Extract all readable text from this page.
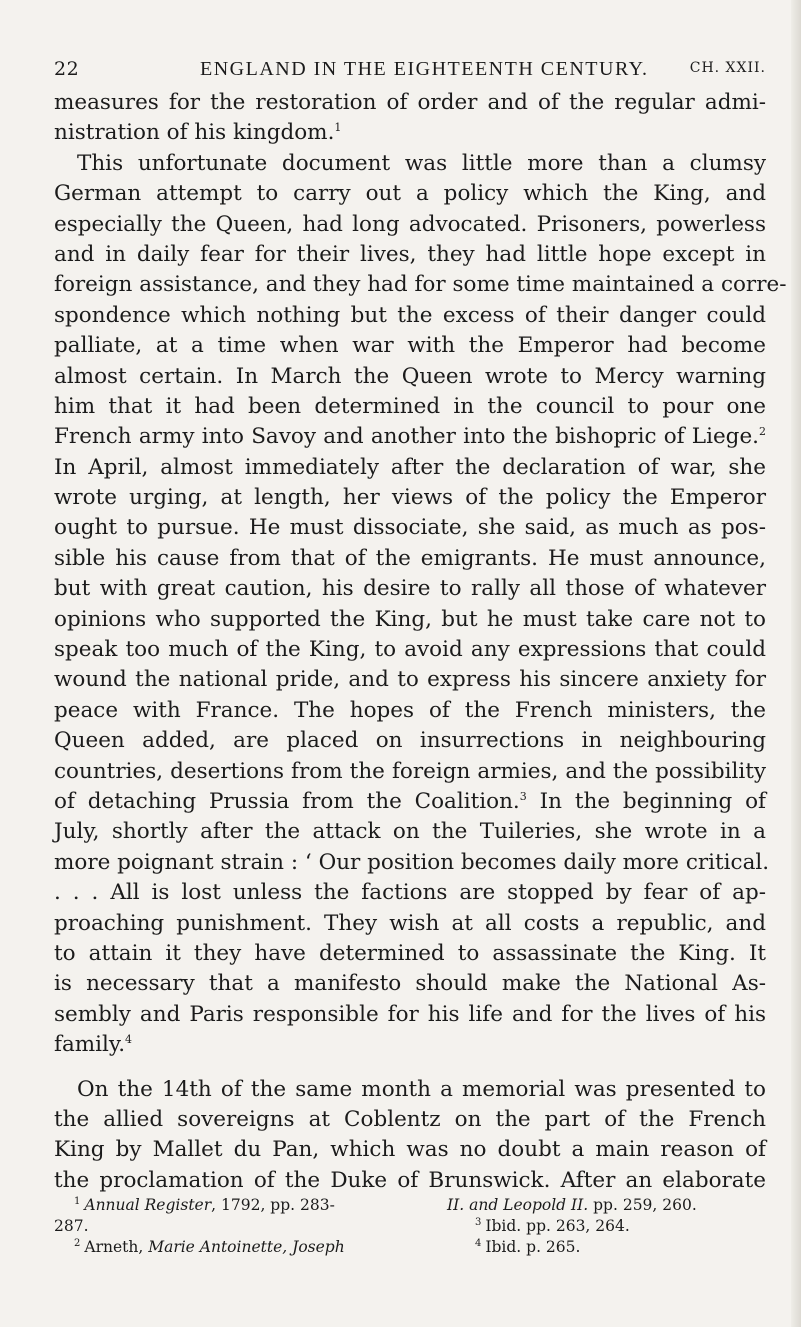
22	ENGLAND IN THE EIGHTEENTH CENTURY.	CH. XXII.
measures for the restoration of order and of the regular admi-
nistration of his kingdom.$^1$
This unfortunate document was little more than a clumsy
German attempt to carry out a policy which the King, and
especially the Queen, had long advocated. Prisoners, powerless
and in daily fear for their lives, they had little hope except in
foreign assistance, and they had for some time maintained a corre-
spondence which nothing but the excess of their danger could
palliate, at a time when war with the Emperor had become
almost certain. In March the Queen wrote to Mercy warning
him that it had been determined in the council to pour one
French army into Savoy and another into the bishopric of Liege.$^2$
In April, almost immediately after the declaration of war, she
wrote urging, at length, her views of the policy the Emperor
ought to pursue. He must dissociate, she said, as much as pos-
sible his cause from that of the emigrants. He must announce,
but with great caution, his desire to rally all those of whatever
opinions who supported the King, but he must take care not to
speak too much of the King, to avoid any expressions that could
wound the national pride, and to express his sincere anxiety for
peace with France. The hopes of the French ministers, the
Queen added, are placed on insurrections in neighbouring
countries, desertions from the foreign armies, and the possibility
of detaching Prussia from the Coalition.$^3$ In the beginning of
July, shortly after the attack on the Tuileries, she wrote in a
more poignant strain : ‘ Our position becomes daily more critical.
. . . All is lost unless the factions are stopped by fear of ap-
proaching punishment. They wish at all costs a republic, and
to attain it they have determined to assassinate the King. It
is necessary that a manifesto should make the National As-
sembly and Paris responsible for his life and for the lives of his
family.$^4$
On the 14th of the same month a memorial was presented to
the allied sovereigns at Coblentz on the part of the French
King by Mallet du Pan, which was no doubt a main reason of
the proclamation of the Duke of Brunswick. After an elaborate
$^1$ Annual Register, 1792, pp. 283-
287.
$^2$ Arneth, Marie Antoinette, Joseph
II. and Leopold II. pp. 259, 260.
$^3$ Ibid. pp. 263, 264.
$^4$ Ibid. p. 265.
